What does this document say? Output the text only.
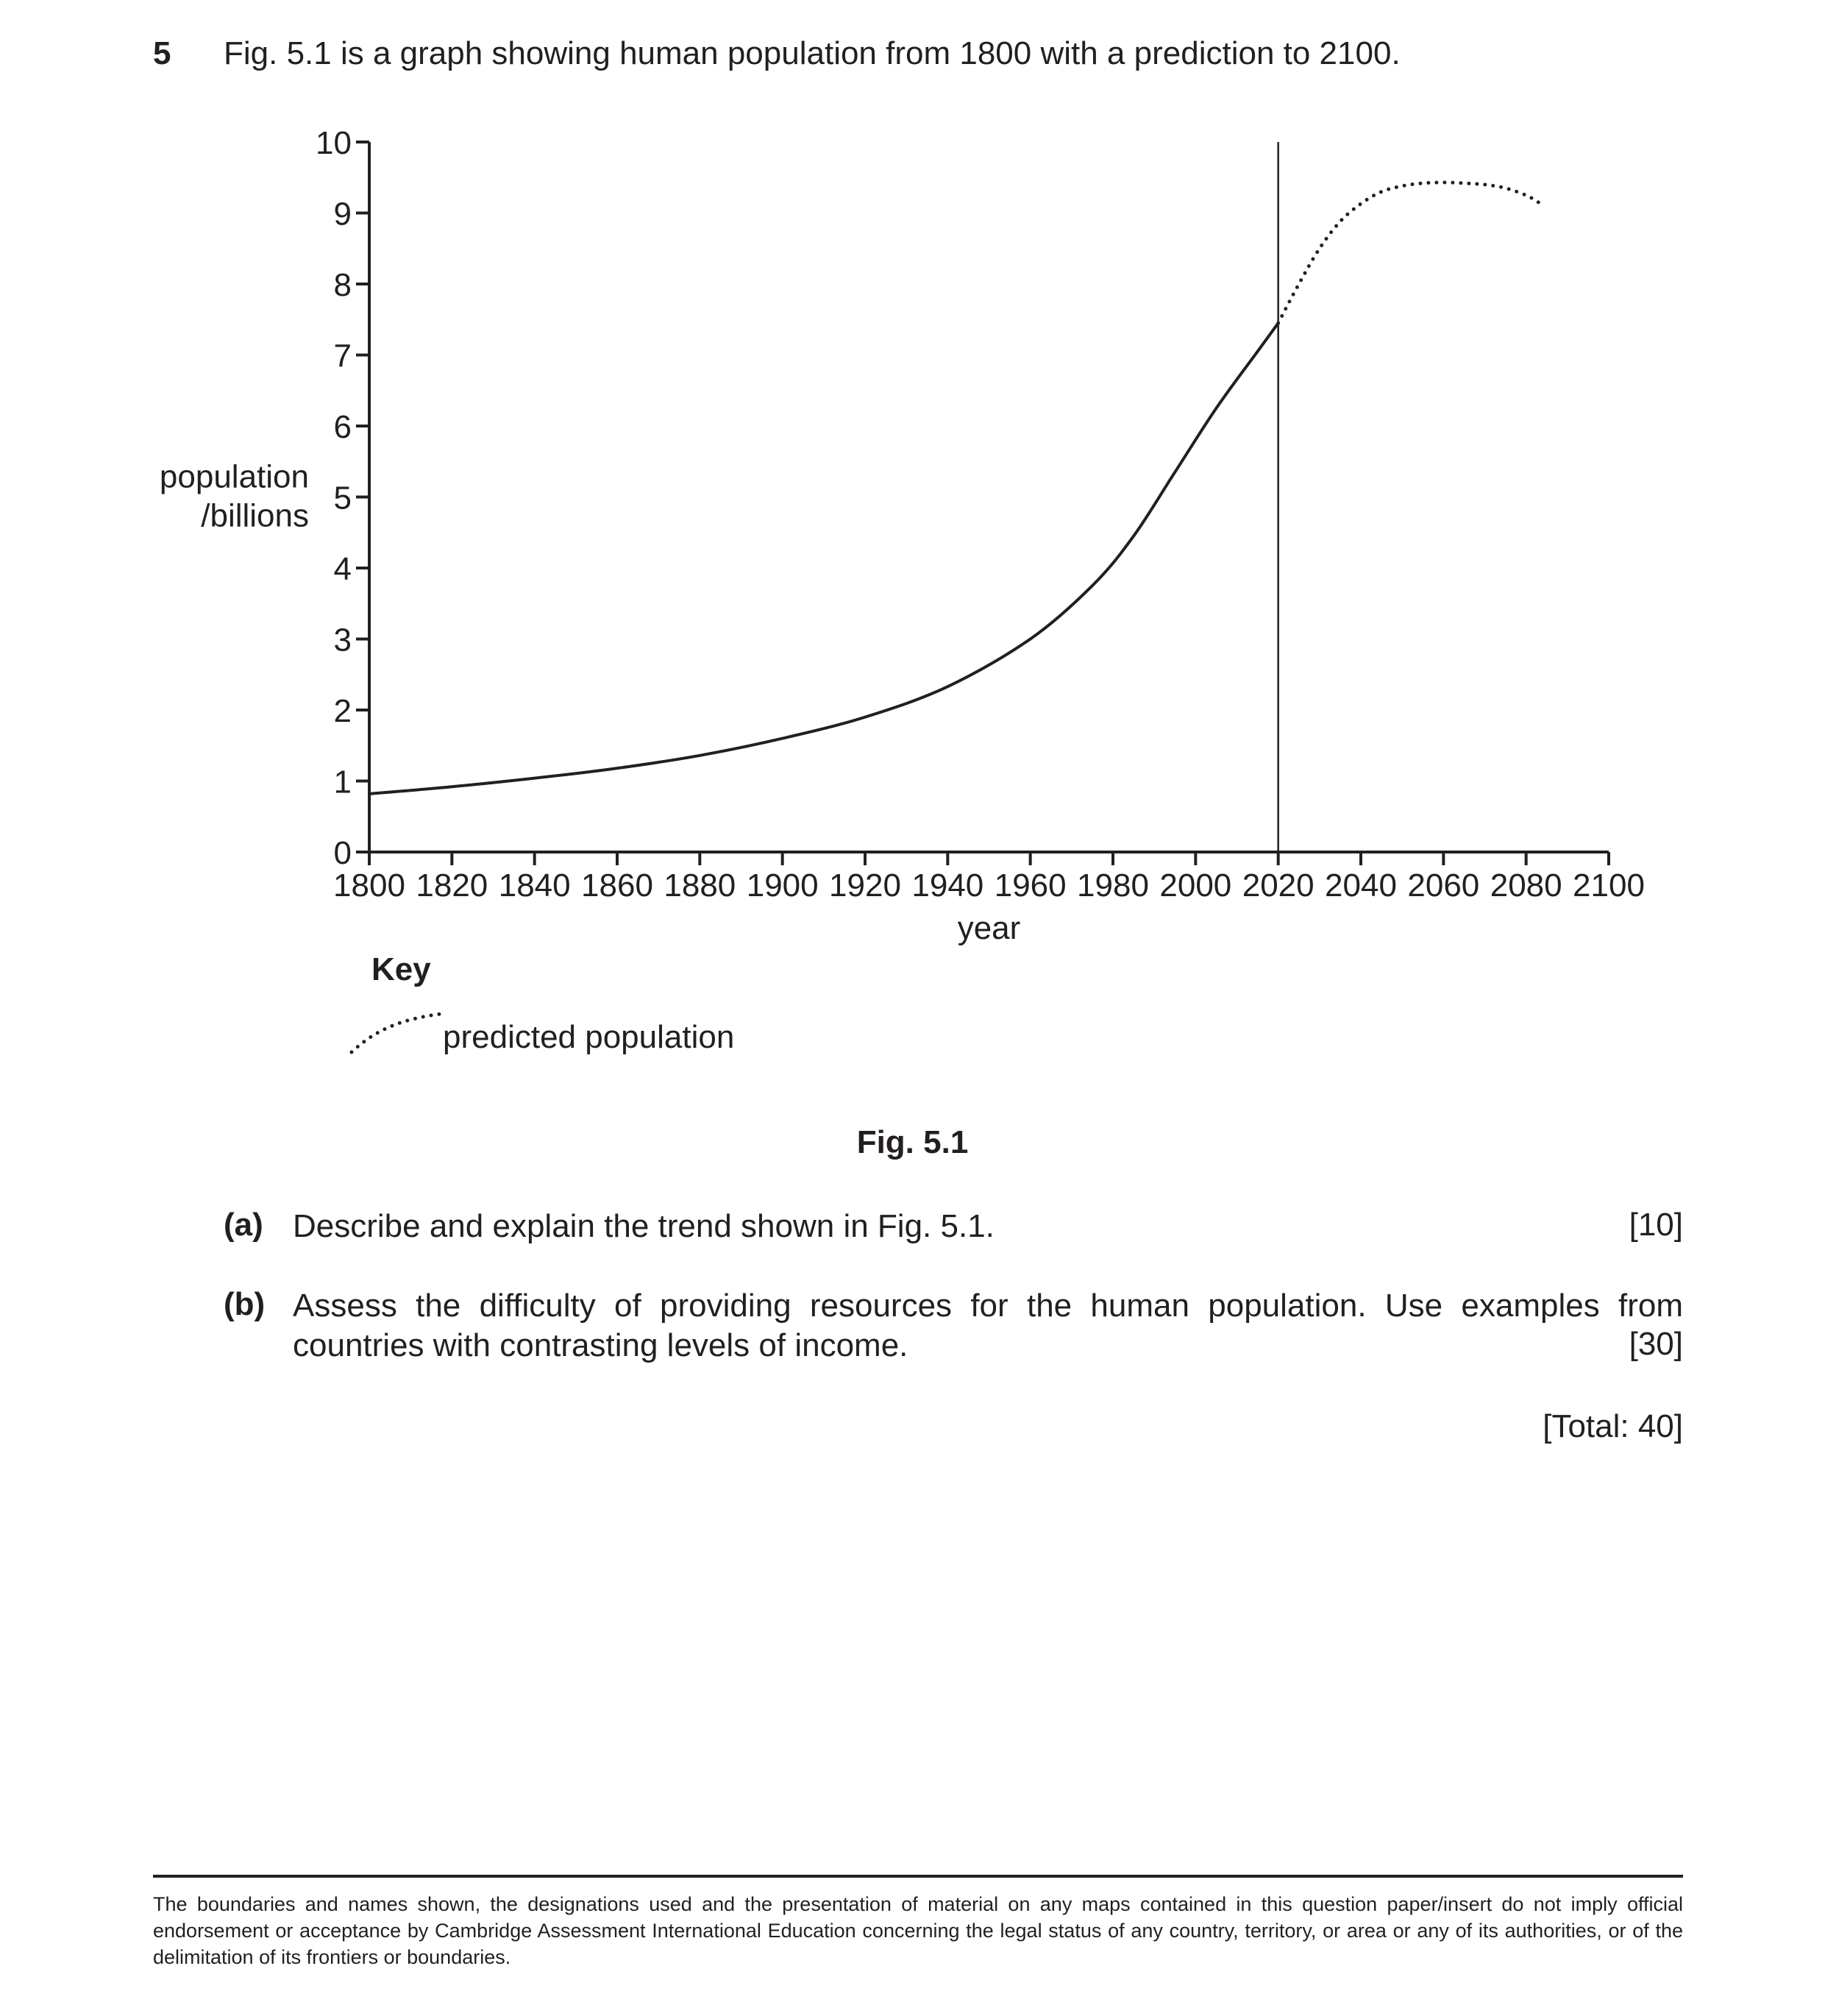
5 Fig. 5.1 is a graph showing human population from 1800 with a prediction to 2100.
0
1
2
3
4
5
6
7
8
9
10
1800 1820 1840 1860 1880 1900 1920 1940 1960 1980 2000 2020 2040 2060 2080 2100
year
population
/billions
Key
predicted population
Fig. 5.1
(a) Describe and explain the trend shown in Fig. 5.1.	[10]
(b) Assess the difficulty of providing resources for the human population. Use examples from countries with contrasting levels of income.	[30]
[Total: 40]
The boundaries and names shown, the designations used and the presentation of material on any maps contained in this question paper/insert do not imply official endorsement or acceptance by Cambridge Assessment International Education concerning the legal status of any country, territory, or area or any of its authorities, or of the delimitation of its frontiers or boundaries.
